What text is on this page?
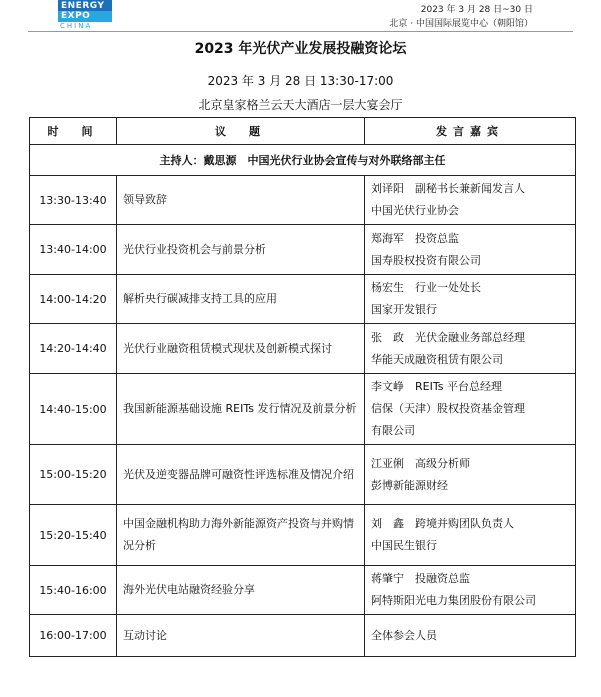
ENERGY
EXPO
CHINA
2023 年 3 月 28 日~30 日
北京 · 中国国际展览中心（朝阳馆）
2023 年光伏产业发展投融资论坛
2023 年 3 月 28 日 13:30-17:00
北京皇家格兰云天大酒店一层大宴会厅
时　间	议　题	发言嘉宾
主持人：戴思源　中国光伏行业协会宣传与对外联络部主任		
13:30-13:40	领导致辞	刘译阳　副秘书长兼新闻发言人
中国光伏行业协会

13:40-14:00	光伏行业投资机会与前景分析	郑海军　投资总监
国寿股权投资有限公司

14:00-14:20	解析央行碳减排支持工具的应用	杨宏生　行业一处处长
国家开发银行

14:20-14:40	光伏行业融资租赁模式现状及创新模式探讨	张　政　光伏金融业务部总经理
华能天成融资租赁有限公司

14:40-15:00	我国新能源基础设施 REITs 发行情况及前景分析	李文峥　REITs 平台总经理
信保（天津）股权投资基金管理
有限公司

15:00-15:20	光伏及逆变器品牌可融资性评选标准及情况介绍	江亚俐　高级分析师
彭博新能源财经

15:20-15:40	中国金融机构助力海外新能源资产投资与并购情况分析	刘　鑫　跨境并购团队负责人
中国民生银行

15:40-16:00	海外光伏电站融资经验分享	蒋肇宁　投融资总监
阿特斯阳光电力集团股份有限公司

16:00-17:00	互动讨论	全体参会人员
